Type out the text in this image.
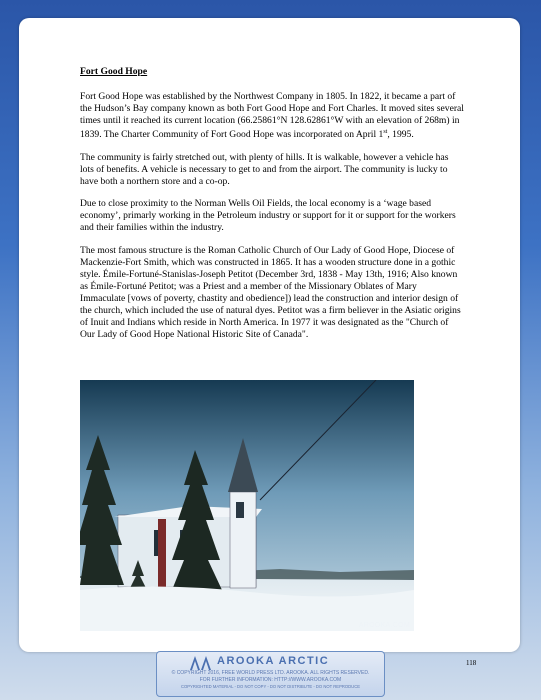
Fort Good Hope

Fort Good Hope was established by the Northwest Company in 1805. In 1822, it became a part of the Hudson’s Bay company known as both Fort Good Hope and Fort Charles. It moved sites several times until it reached its current location (66.25861°N 128.62861°W with an elevation of 268m) in 1839. The Charter Community of Fort Good Hope was incorporated on April 1st, 1995.

The community is fairly stretched out, with plenty of hills. It is walkable, however a vehicle has lots of benefits. A vehicle is necessary to get to and from the airport. The community is lucky to have both a northern store and a co-op.

Due to close proximity to the Norman Wells Oil Fields, the local economy is a ‘wage based economy’, primarly working in the Petroleum industry or support for it or support for the workers and their families within the industry.

The most famous structure is the Roman Catholic Church of Our Lady of Good Hope, Diocese of Mackenzie-Fort Smith, which was constructed in 1865. It has a wooden structure done in a gothic style. Émile-Fortuné-Stanislas-Joseph Petitot (December 3rd, 1838 - May 13th, 1916; Also known as Émile-Fortuné Petitot; was a Priest and a member of the Missionary Oblates of Mary Immaculate [vows of poverty, chastity and obedience]) lead the construction and interior design of the church, which included the use of natural dyes. Petitot was a firm believer in the Asiatic origins of Inuit and Indians which reside in North America. In 1977 it was designated as the "Church of Our Lady of Good Hope National Historic Site of Canada".

AROOKA.COM
118
AROOKA ARCTIC
© COPYRIGHT 2016, FREE WORLD PRESS LTD. AROOKA. ALL RIGHTS RESERVED.
FOR FURTHER INFORMATION: HTTP://WWW.AROOKA.COM
COPYRIGHTED MATERIAL - DO NOT COPY - DO NOT DISTRIBUTE - DO NOT REPRODUCE
